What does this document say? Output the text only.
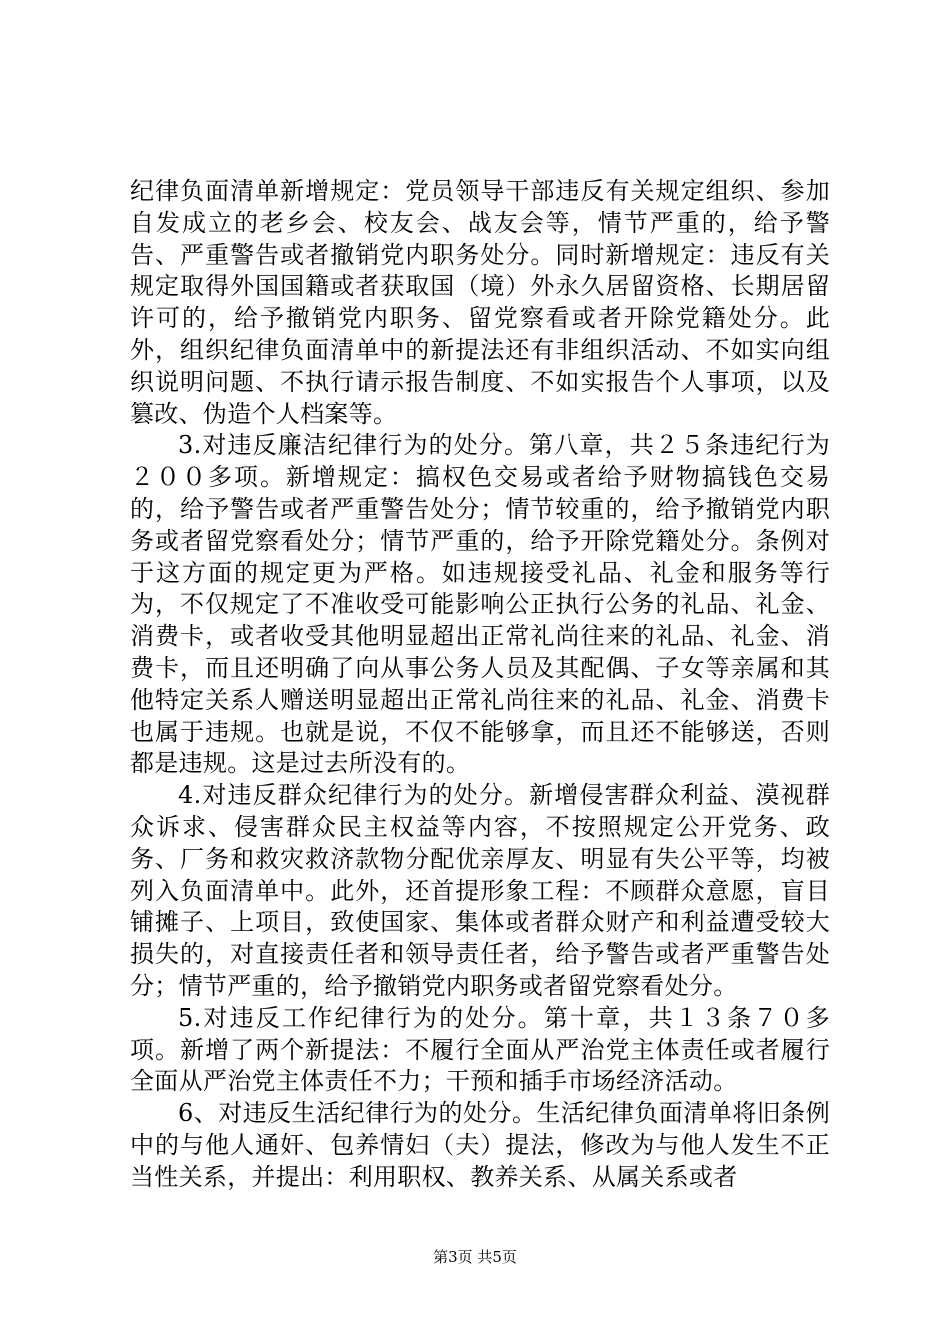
纪律负面清单新增规定：党员领导干部违反有关规定组织、参加自发成立的老乡会、校友会、战友会等，情节严重的，给予警告、严重警告或者撤销党内职务处分。同时新增规定：违反有关规定取得外国国籍或者获取国（境）外永久居留资格、长期居留许可的，给予撤销党内职务、留党察看或者开除党籍处分。此外，组织纪律负面清单中的新提法还有非组织活动、不如实向组织说明问题、不执行请示报告制度、不如实报告个人事项，以及篡改、伪造个人档案等。

3.对违反廉洁纪律行为的处分。第八章，共２５条违纪行为２００多项。新增规定：搞权色交易或者给予财物搞钱色交易的，给予警告或者严重警告处分；情节较重的，给予撤销党内职务或者留党察看处分；情节严重的，给予开除党籍处分。条例对于这方面的规定更为严格。如违规接受礼品、礼金和服务等行为，不仅规定了不准收受可能影响公正执行公务的礼品、礼金、消费卡，或者收受其他明显超出正常礼尚往来的礼品、礼金、消费卡，而且还明确了向从事公务人员及其配偶、子女等亲属和其他特定关系人赠送明显超出正常礼尚往来的礼品、礼金、消费卡也属于违规。也就是说，不仅不能够拿，而且还不能够送，否则都是违规。这是过去所没有的。

4.对违反群众纪律行为的处分。新增侵害群众利益、漠视群众诉求、侵害群众民主权益等内容，不按照规定公开党务、政务、厂务和救灾救济款物分配优亲厚友、明显有失公平等，均被列入负面清单中。此外，还首提形象工程：不顾群众意愿，盲目铺摊子、上项目，致使国家、集体或者群众财产和利益遭受较大损失的，对直接责任者和领导责任者，给予警告或者严重警告处分；情节严重的，给予撤销党内职务或者留党察看处分。

5.对违反工作纪律行为的处分。第十章，共１３条７０多项。新增了两个新提法：不履行全面从严治党主体责任或者履行全面从严治党主体责任不力；干预和插手市场经济活动。

6、对违反生活纪律行为的处分。生活纪律负面清单将旧条例中的与他人通奸、包养情妇（夫）提法，修改为与他人发生不正当性关系，并提出：利用职权、教养关系、从属关系或者

第3页 共5页
